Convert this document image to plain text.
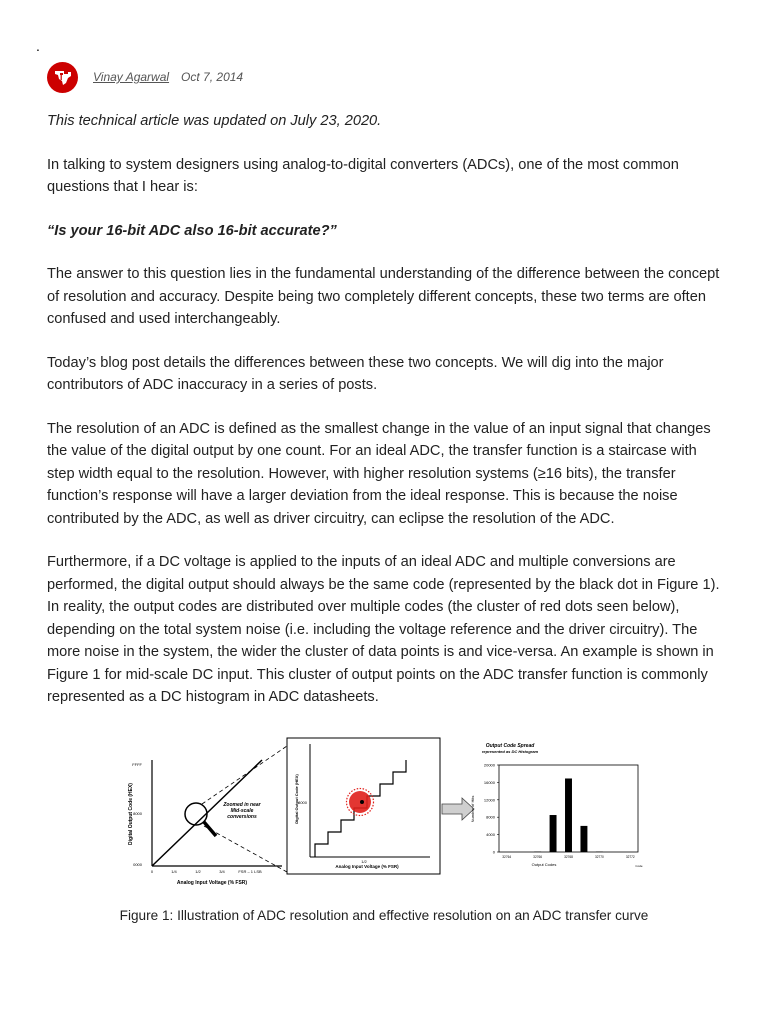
.
Vinay Agarwal Oct 7, 2014

This technical article was updated on July 23, 2020.

In talking to system designers using analog-to-digital converters (ADCs), one of the most common questions that I hear is:

“Is your 16-bit ADC also 16-bit accurate?”

The answer to this question lies in the fundamental understanding of the difference between the concept of resolution and accuracy. Despite being two completely different concepts, these two terms are often confused and used interchangeably.

Today’s blog post details the differences between these two concepts. We will dig into the major contributors of ADC inaccuracy in a series of posts.

The resolution of an ADC is defined as the smallest change in the value of an input signal that changes the value of the digital output by one count. For an ideal ADC, the transfer function is a staircase with step width equal to the resolution. However, with higher resolution systems (≥16 bits), the transfer function’s response will have a larger deviation from the ideal response. This is because the noise contributed by the ADC, as well as driver circuitry, can eclipse the resolution of the ADC.

Furthermore, if a DC voltage is applied to the inputs of an ideal ADC and multiple conversions are performed, the digital output should always be the same code (represented by the black dot in Figure 1). In reality, the output codes are distributed over multiple codes (the cluster of red dots seen below), depending on the total system noise (i.e. including the voltage reference and the driver circuitry). The more noise in the system, the wider the cluster of data points is and vice-versa. An example is shown in Figure 1 for mid-scale DC input. This cluster of output points on the ADC transfer function is commonly represented as a DC histogram in ADC datasheets.

Digital Output Code (HEX)
FFFF
8000
0000
0	1/4	1/2	3/4	FSR – 1 LSB
Analog Input Voltage (% FSR)
Zoomed in near
Mid-scale
conversions	Digital Output Code (HEX) 8000
1/2
Analog Input Voltage (% FSR)
Output Code Spread
represented as DC Histogram
Number of Hits
Output Codes	Code
0
4000
8000
12000
16000
20000
32764	32766	32768	32770	32772
Figure 1: Illustration of ADC resolution and effective resolution on an ADC transfer curve
